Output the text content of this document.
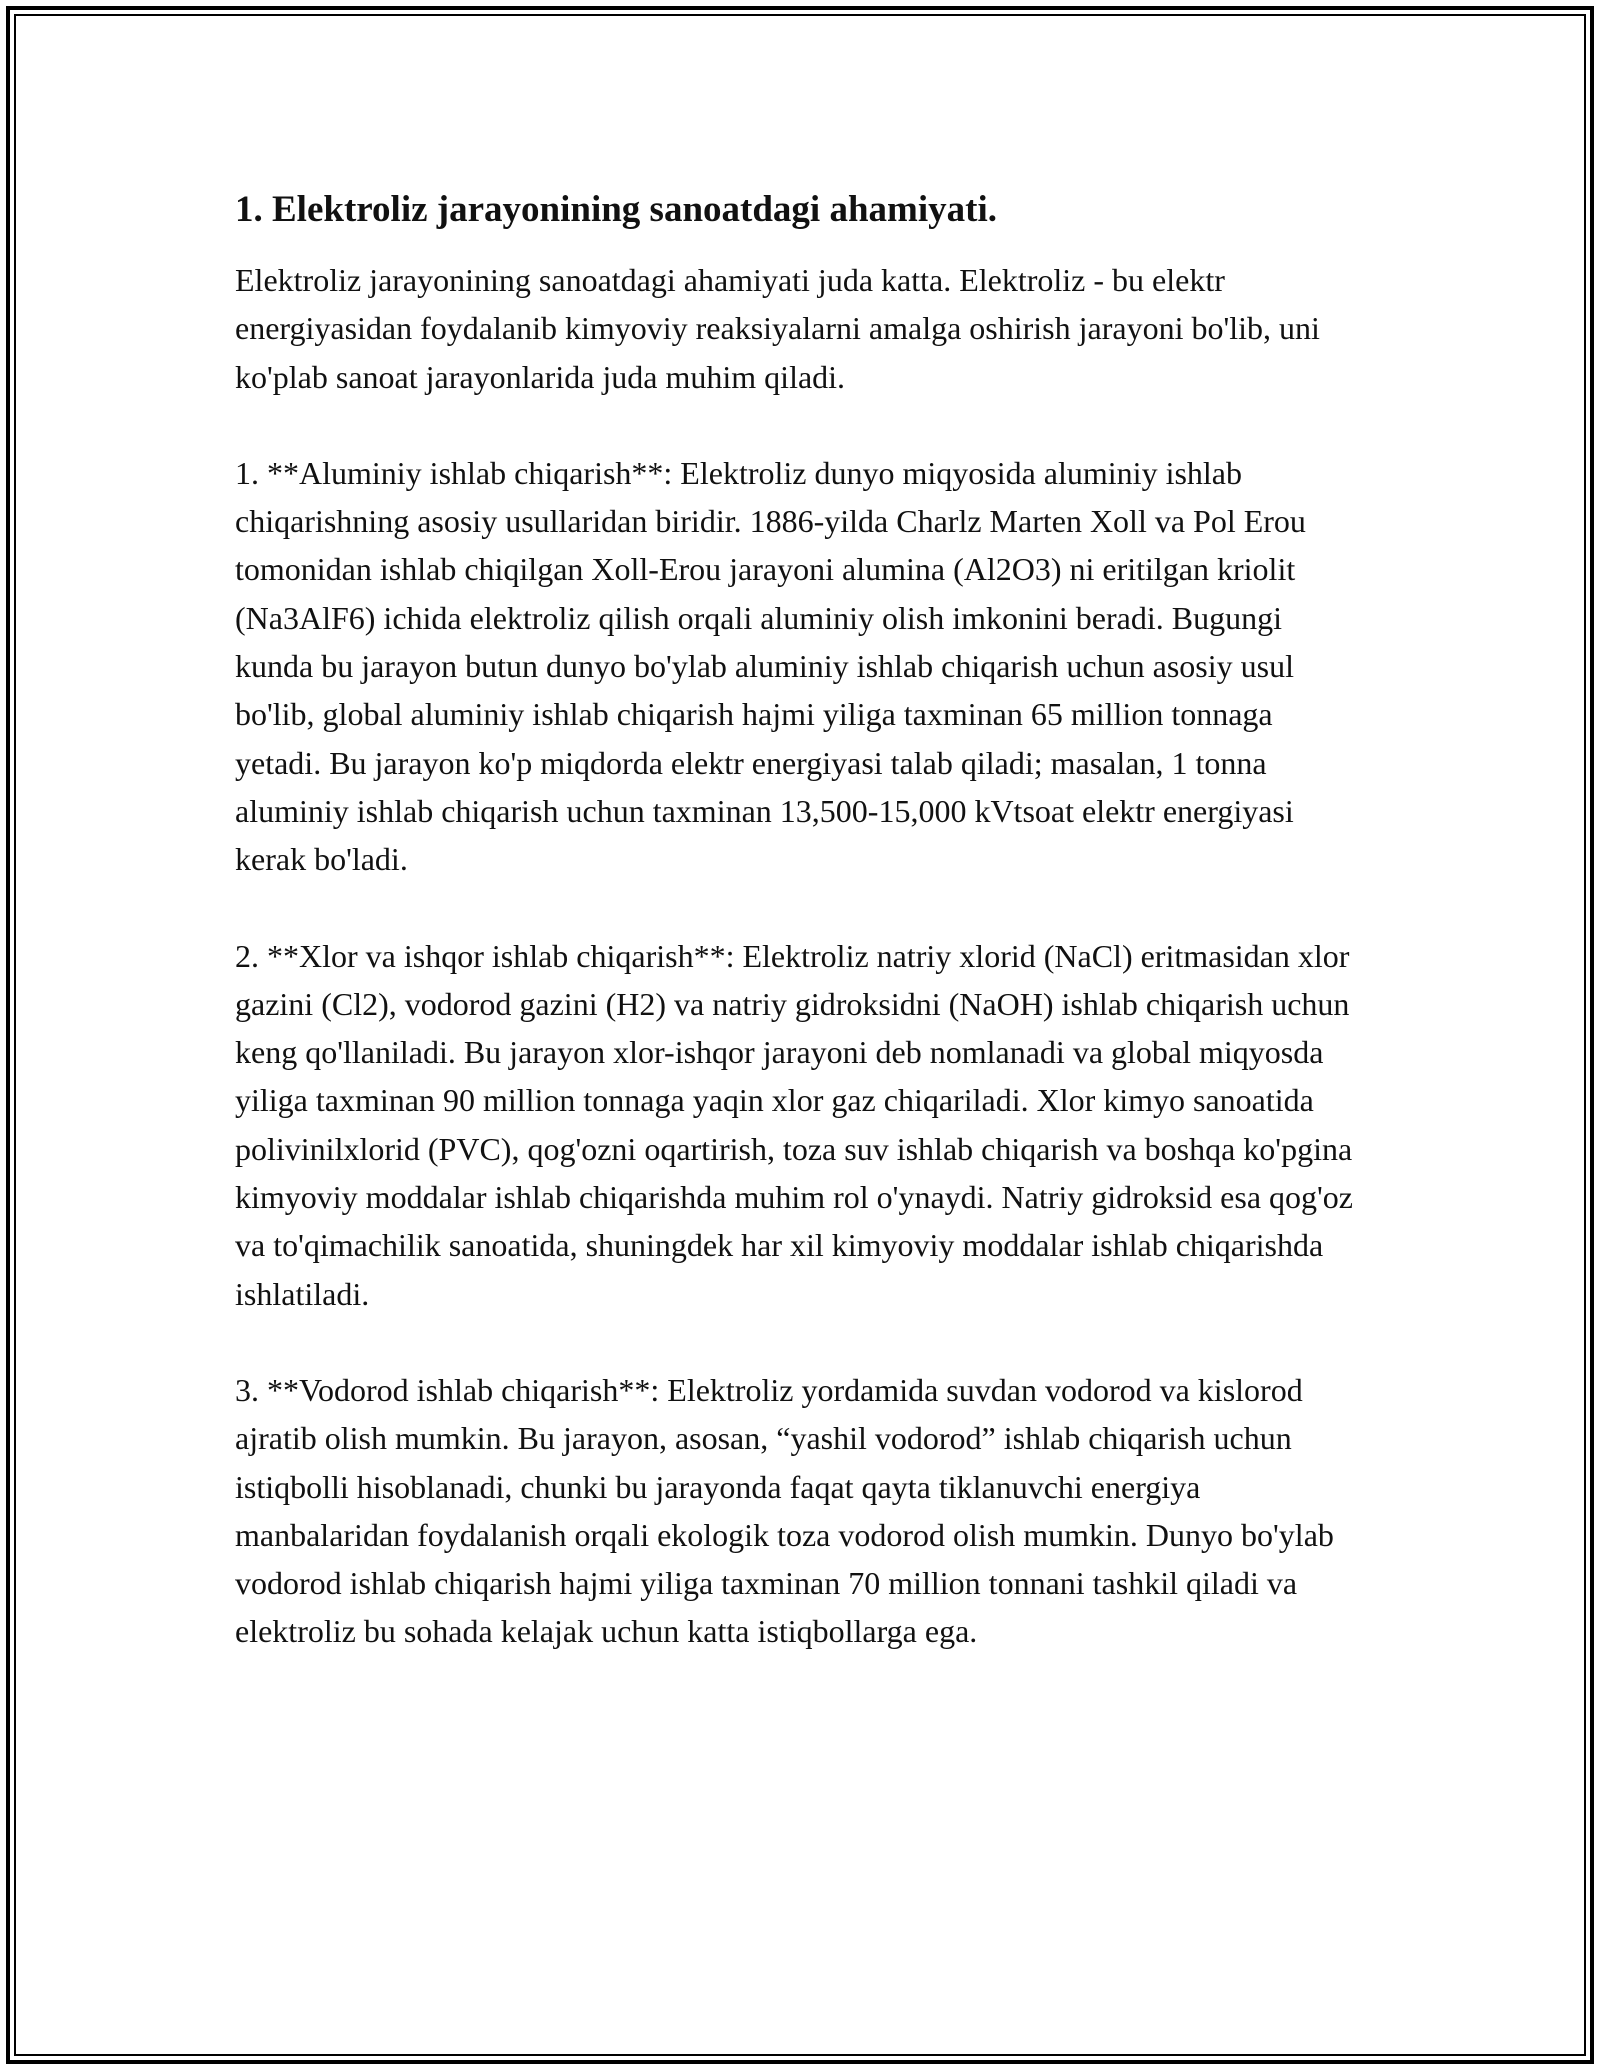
1. Elektroliz jarayonining sanoatdagi ahamiyati.

Elektroliz jarayonining sanoatdagi ahamiyati juda katta. Elektroliz - bu elektr energiyasidan foydalanib kimyoviy reaksiyalarni amalga oshirish jarayoni bo'lib, uni ko'plab sanoat jarayonlarida juda muhim qiladi.

1. **Aluminiy ishlab chiqarish**: Elektroliz dunyo miqyosida aluminiy ishlab chiqarishning asosiy usullaridan biridir. 1886-yilda Charlz Marten Xoll va Pol Erou tomonidan ishlab chiqilgan Xoll-Erou jarayoni alumina (Al2O3) ni eritilgan kriolit (Na3AlF6) ichida elektroliz qilish orqali aluminiy olish imkonini beradi. Bugungi kunda bu jarayon butun dunyo bo'ylab aluminiy ishlab chiqarish uchun asosiy usul bo'lib, global aluminiy ishlab chiqarish hajmi yiliga taxminan 65 million tonnaga yetadi. Bu jarayon ko'p miqdorda elektr energiyasi talab qiladi; masalan, 1 tonna aluminiy ishlab chiqarish uchun taxminan 13,500-15,000 kVtsoat elektr energiyasi kerak bo'ladi.

2. **Xlor va ishqor ishlab chiqarish**: Elektroliz natriy xlorid (NaCl) eritmasidan xlor gazini (Cl2), vodorod gazini (H2) va natriy gidroksidni (NaOH) ishlab chiqarish uchun keng qo'llaniladi. Bu jarayon xlor-ishqor jarayoni deb nomlanadi va global miqyosda yiliga taxminan 90 million tonnaga yaqin xlor gaz chiqariladi. Xlor kimyo sanoatida polivinilxlorid (PVC), qog'ozni oqartirish, toza suv ishlab chiqarish va boshqa ko'pgina kimyoviy moddalar ishlab chiqarishda muhim rol o'ynaydi. Natriy gidroksid esa qog'oz va to'qimachilik sanoatida, shuningdek har xil kimyoviy moddalar ishlab chiqarishda ishlatiladi.

3. **Vodorod ishlab chiqarish**: Elektroliz yordamida suvdan vodorod va kislorod ajratib olish mumkin. Bu jarayon, asosan, “yashil vodorod” ishlab chiqarish uchun istiqbolli hisoblanadi, chunki bu jarayonda faqat qayta tiklanuvchi energiya manbalaridan foydalanish orqali ekologik toza vodorod olish mumkin. Dunyo bo'ylab vodorod ishlab chiqarish hajmi yiliga taxminan 70 million tonnani tashkil qiladi va elektroliz bu sohada kelajak uchun katta istiqbollarga ega.
